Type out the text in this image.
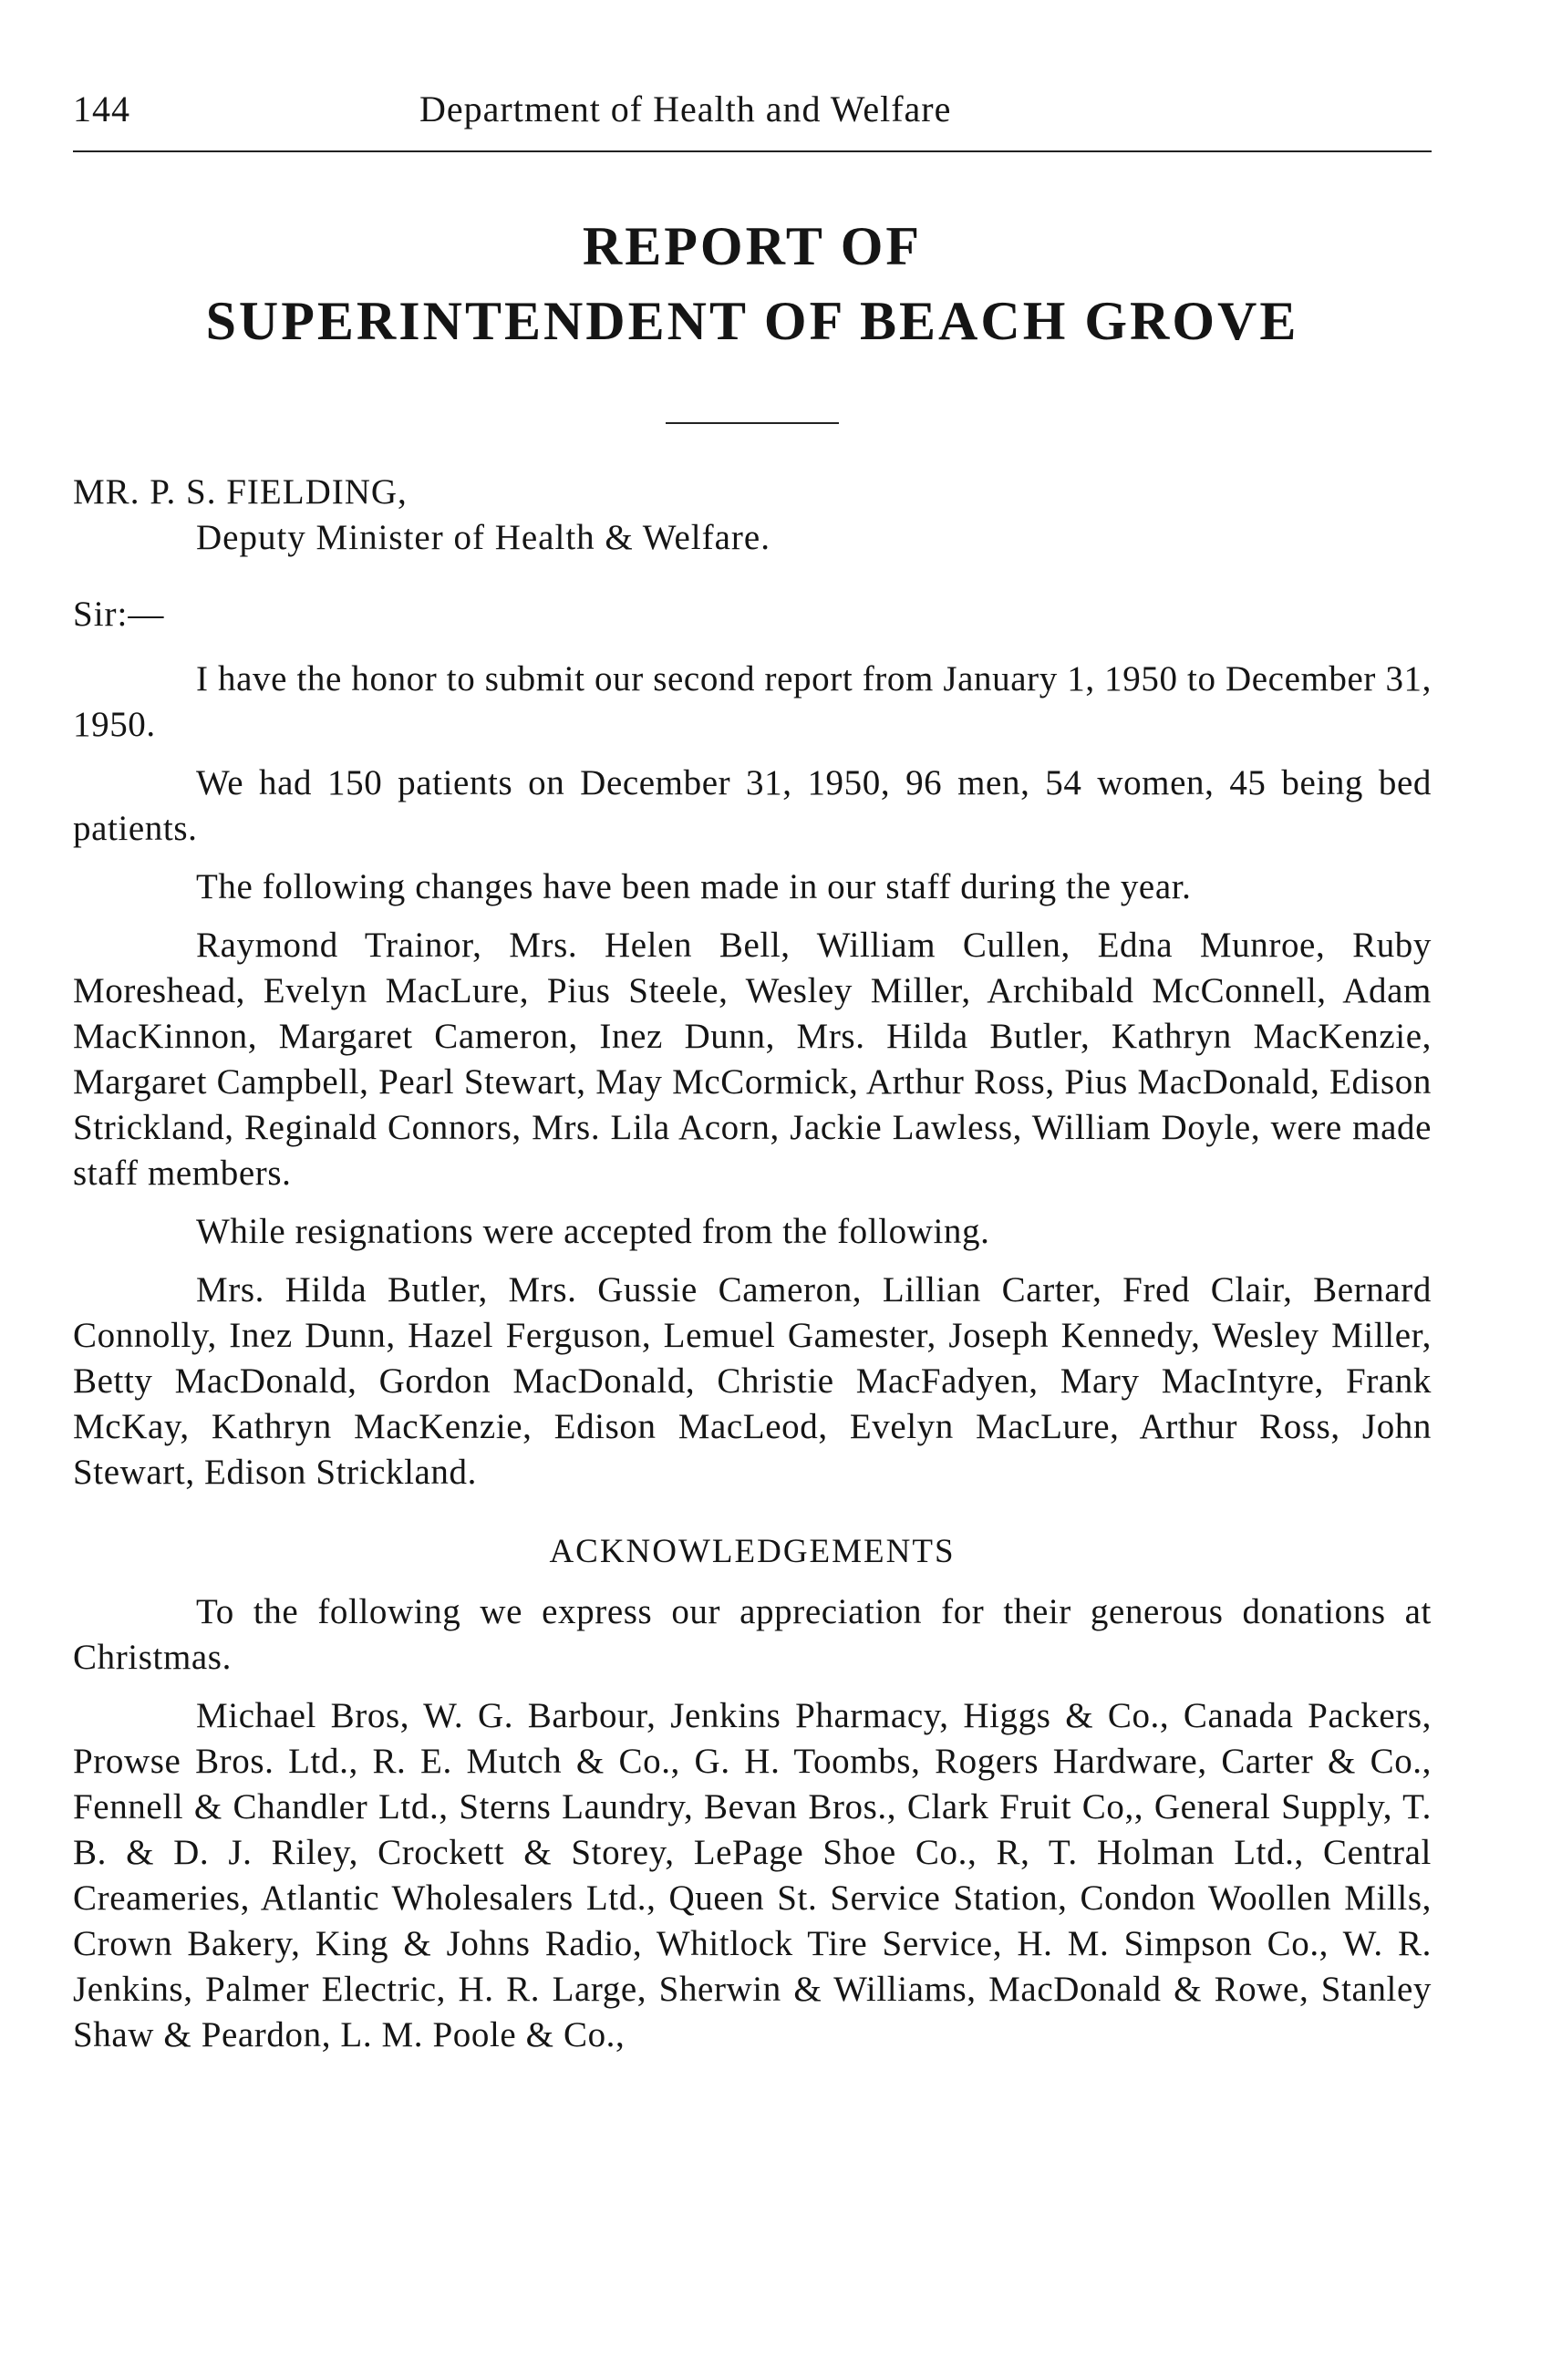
144	Department of Health and Welfare
REPORT OF
SUPERINTENDENT OF BEACH GROVE
MR. P. S. FIELDING,
Deputy Minister of Health & Welfare.
Sir:—

I have the honor to submit our second report from January 1, 1950 to December 31, 1950.

We had 150 patients on December 31, 1950, 96 men, 54 women, 45 being bed patients.

The following changes have been made in our staff during the year.

Raymond Trainor, Mrs. Helen Bell, William Cullen, Edna Munroe, Ruby Moreshead, Evelyn MacLure, Pius Steele, Wesley Miller, Archibald McConnell, Adam MacKinnon, Margaret Cameron, Inez Dunn, Mrs. Hilda Butler, Kathryn MacKenzie, Margaret Campbell, Pearl Stewart, May McCormick, Arthur Ross, Pius MacDonald, Edison Strickland, Reginald Connors, Mrs. Lila Acorn, Jackie Lawless, William Doyle, were made staff members.

While resignations were accepted from the following.

Mrs. Hilda Butler, Mrs. Gussie Cameron, Lillian Carter, Fred Clair, Bernard Connolly, Inez Dunn, Hazel Ferguson, Lemuel Gamester, Joseph Kennedy, Wesley Miller, Betty MacDonald, Gordon MacDonald, Christie MacFadyen, Mary MacIntyre, Frank McKay, Kathryn MacKenzie, Edison MacLeod, Evelyn MacLure, Arthur Ross, John Stewart, Edison Strickland.

ACKNOWLEDGEMENTS

To the following we express our appreciation for their generous donations at Christmas.

Michael Bros, W. G. Barbour, Jenkins Pharmacy, Higgs & Co., Canada Packers, Prowse Bros. Ltd., R. E. Mutch & Co., G. H. Toombs, Rogers Hardware, Carter & Co., Fennell & Chandler Ltd., Sterns Laundry, Bevan Bros., Clark Fruit Co,, General Supply, T. B. & D. J. Riley, Crockett & Storey, LePage Shoe Co., R, T. Holman Ltd., Central Creameries, Atlantic Wholesalers Ltd., Queen St. Service Station, Condon Woollen Mills, Crown Bakery, King & Johns Radio, Whitlock Tire Service, H. M. Simpson Co., W. R. Jenkins, Palmer Electric, H. R. Large, Sherwin & Williams, MacDonald & Rowe, Stanley Shaw & Peardon, L. M. Poole & Co.,
